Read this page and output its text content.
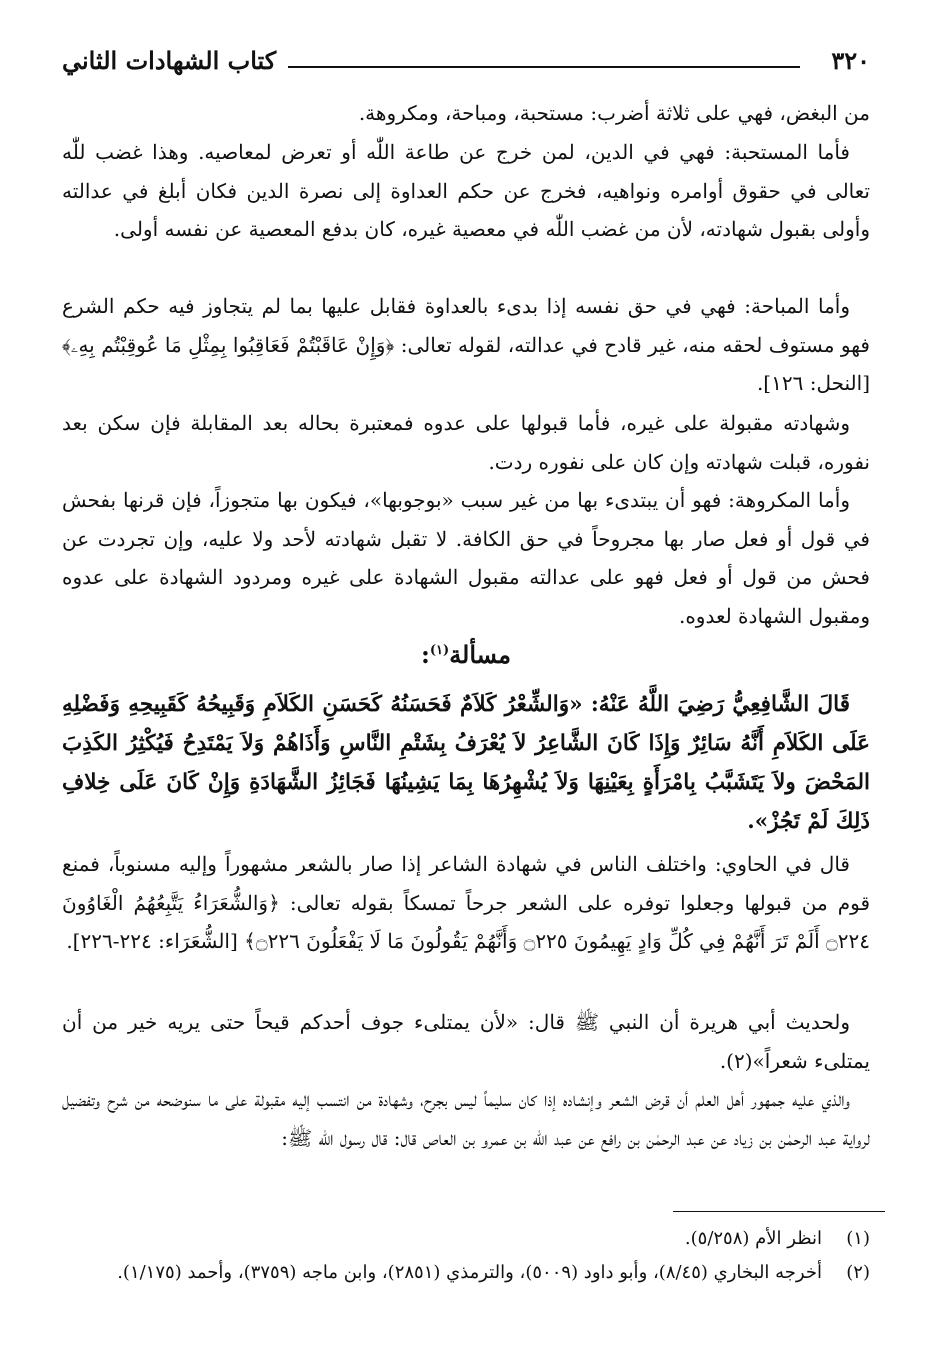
كتاب الشهادات الثاني	٣٢٠

من البغض، فهي على ثلاثة أضرب: مستحبة، ومباحة، ومكروهة.

فأما المستحبة: فهي في الدين، لمن خرج عن طاعة اللّٰه أو تعرض لمعاصيه. وهذا غضب للّٰه تعالى في حقوق أوامره ونواهيه، فخرج عن حكم العداوة إلى نصرة الدين فكان أبلغ في عدالته وأولى بقبول شهادته، لأن من غضب اللّٰه في معصية غيره، كان بدفع المعصية عن نفسه أولى.

وأما المباحة: فهي في حق نفسه إذا بدىء بالعداوة فقابل عليها بما لم يتجاوز فيه حكم الشرع فهو مستوف لحقه منه، غير قادح في عدالته، لقوله تعالى: ﴿وَإِنْ عَاقَبْتُمْ فَعَاقِبُوا بِمِثْلِ مَا عُوقِبْتُم بِهِۦ﴾ [النحل: ١٢٦].

وشهادته مقبولة على غيره، فأما قبولها على عدوه فمعتبرة بحاله بعد المقابلة فإن سكن بعد نفوره، قبلت شهادته وإن كان على نفوره ردت.

وأما المكروهة: فهو أن يبتدىء بها من غير سبب «بوجوبها»، فيكون بها متجوزاً، فإن قرنها بفحش في قول أو فعل صار بها مجروحاً في حق الكافة. لا تقبل شهادته لأحد ولا عليه، وإن تجردت عن فحش من قول أو فعل فهو على عدالته مقبول الشهادة على غيره ومردود الشهادة على عدوه ومقبول الشهادة لعدوه.

مسألة$^{(١)}$:

قَالَ الشَّافِعِيُّ رَضِيَ اللَّهُ عَنْهُ: «وَالشِّعْرُ كَلاَمٌ فَحَسَنُهُ كَحَسَنِ الكَلاَمِ وَقَبِيحُهُ كَقَبِيحِهِ وَفَضْلِهِ عَلَى الكَلاَمِ أَنَّهُ سَائِرٌ وَإِذَا كَانَ الشَّاعِرُ لاَ يُعْرَفُ بِشَتْمِ النَّاسِ وَأَذَاهُمْ وَلاَ يَمْتَدِحُ فَيُكْثِرُ الكَذِبَ المَحْضَ ولاَ يَتَشَبَّبُ بِامْرَأَةٍ بِعَيْنِهَا وَلاَ يُشْهِرُهَا بِمَا يَشِينُهَا فَجَائِزُ الشَّهَادَةِ وَإِنْ كَانَ عَلَى خِلافِ ذَلِكَ لَمْ تَجُزْ».

قال في الحاوي: واختلف الناس في شهادة الشاعر إذا صار بالشعر مشهوراً وإليه مسنوباً، فمنع قوم من قبولها وجعلوا توفره على الشعر جرحاً تمسكاً بقوله تعالى: ﴿وَالشُّعَرَاءُ يَتَّبِعُهُمُ الْغَاوُونَ ۝٢٢٤ أَلَمْ تَرَ أَنَّهُمْ فِي كُلِّ وَادٍ يَهِيمُونَ ۝٢٢٥ وَأَنَّهُمْ يَقُولُونَ مَا لَا يَفْعَلُونَ ۝٢٢٦﴾ [الشُّعَرَاء: ٢٢٤-٢٢٦].

ولحديث أبي هريرة أن النبي ﷺ قال: «لأن يمتلىء جوف أحدكم قيحاً حتى يريه خير من أن يمتلىء شعراً»(٢).

والذي عليه جمهور أهل العلم أن قرض الشعر وإنشاده إذا كان سليماً ليس بجرح، وشهادة من انتسب إليه مقبولة على ما سنوضحه من شرح وتفضيل لرواية عبد الرحمٰن بن زياد عن عبد الرحمٰن بن رافع عن عبد اللّٰه بن عمرو بن العاص قال: قال رسول الله ﷺ:

(١)انظر الأم (٥/٢٥٨).

(٢)أخرجه البخاري (٨/٤٥)، وأبو داود (٥٠٠٩)، والترمذي (٢٨٥١)، وابن ماجه (٣٧٥٩)، وأحمد (١/١٧٥).
